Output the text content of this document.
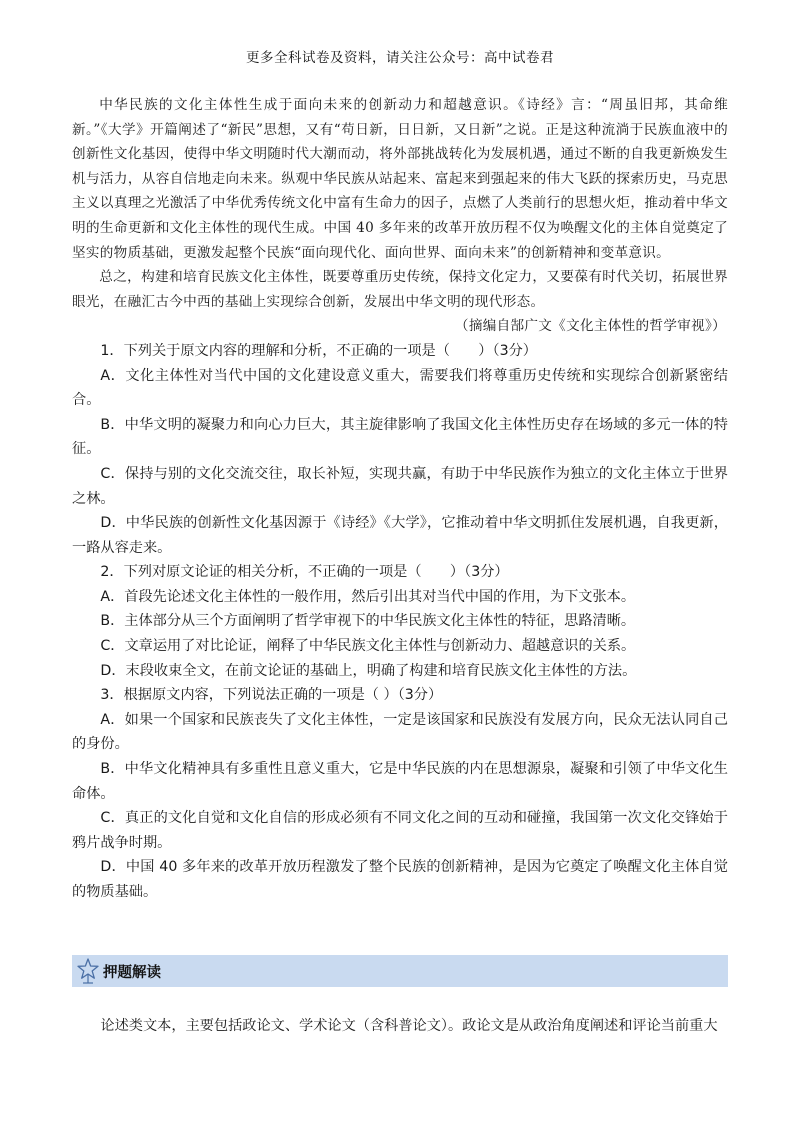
更多全科试卷及资料，请关注公众号：高中试卷君

中华民族的文化主体性生成于面向未来的创新动力和超越意识。《诗经》言：“周虽旧邦，其命维新。”《大学》开篇阐述了“新民”思想，又有“苟日新，日日新，又日新”之说。正是这种流淌于民族血液中的创新性文化基因，使得中华文明随时代大潮而动，将外部挑战转化为发展机遇，通过不断的自我更新焕发生机与活力，从容自信地走向未来。纵观中华民族从站起来、富起来到强起来的伟大飞跃的探索历史，马克思主义以真理之光激活了中华优秀传统文化中富有生命力的因子，点燃了人类前行的思想火炬，推动着中华文明的生命更新和文化主体性的现代生成。中国 40 多年来的改革开放历程不仅为唤醒文化的主体自觉奠定了坚实的物质基础，更激发起整个民族“面向现代化、面向世界、面向未来”的创新精神和变革意识。

总之，构建和培育民族文化主体性，既要尊重历史传统，保持文化定力，又要葆有时代关切，拓展世界眼光，在融汇古今中西的基础上实现综合创新，发展出中华文明的现代形态。

（摘编自郜广文《文化主体性的哲学审视》）

1．下列关于原文内容的理解和分析，不正确的一项是（　　）（3分）

A．文化主体性对当代中国的文化建设意义重大，需要我们将尊重历史传统和实现综合创新紧密结合。

B．中华文明的凝聚力和向心力巨大，其主旋律影响了我国文化主体性历史存在场域的多元一体的特征。

C．保持与别的文化交流交往，取长补短，实现共赢，有助于中华民族作为独立的文化主体立于世界之林。

D．中华民族的创新性文化基因源于《诗经》《大学》，它推动着中华文明抓住发展机遇，自我更新，一路从容走来。

2．下列对原文论证的相关分析，不正确的一项是（　　）（3分）

A．首段先论述文化主体性的一般作用，然后引出其对当代中国的作用，为下文张本。

B．主体部分从三个方面阐明了哲学审视下的中华民族文化主体性的特征，思路清晰。

C．文章运用了对比论证，阐释了中华民族文化主体性与创新动力、超越意识的关系。

D．末段收束全文，在前文论证的基础上，明确了构建和培育民族文化主体性的方法。

3．根据原文内容，下列说法正确的一项是（ ）（3分）

A．如果一个国家和民族丧失了文化主体性，一定是该国家和民族没有发展方向，民众无法认同自己的身份。

B．中华文化精神具有多重性且意义重大，它是中华民族的内在思想源泉，凝聚和引领了中华文化生命体。

C．真正的文化自觉和文化自信的形成必须有不同文化之间的互动和碰撞，我国第一次文化交锋始于鸦片战争时期。

D．中国 40 多年来的改革开放历程激发了整个民族的创新精神，是因为它奠定了唤醒文化主体自觉的物质基础。

押题解读

论述类文本，主要包括政论文、学术论文（含科普论文）。政论文是从政治角度阐述和评论当前重大
